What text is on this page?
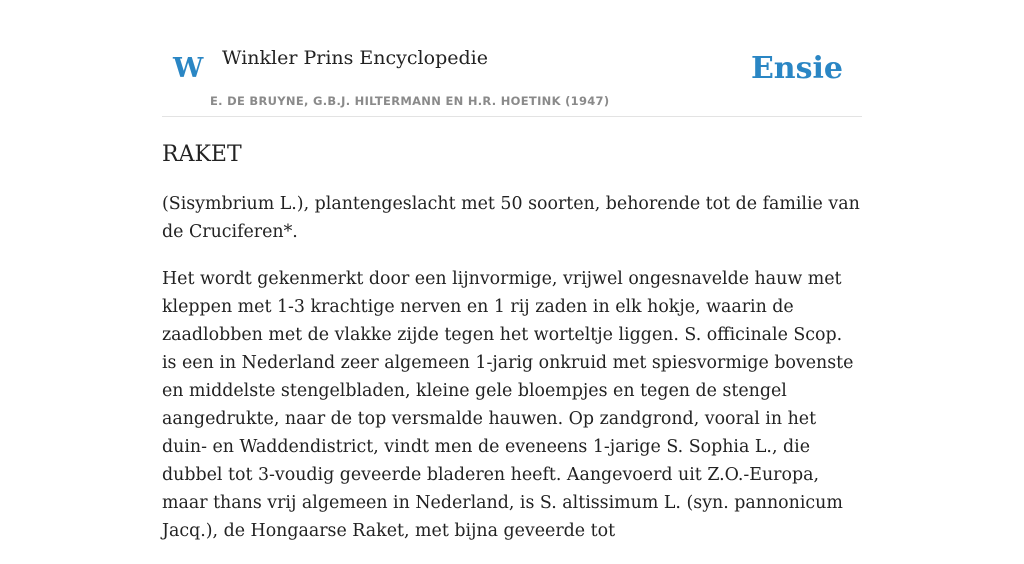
W Winkler Prins Encyclopedie
E. DE BRUYNE, G.B.J. HILTERMANN EN H.R. HOETINK (1947)
Ensie
RAKET

(Sisymbrium L.), plantengeslacht met 50 soorten, behorende tot de familie van de Cruciferen*.

Het wordt gekenmerkt door een lijnvormige, vrijwel ongesnavelde hauw met kleppen met 1-3 krachtige nerven en 1 rij zaden in elk hokje, waarin de zaadlobben met de vlakke zijde tegen het worteltje liggen. S. officinale Scop. is een in Nederland zeer algemeen 1-jarig onkruid met spiesvormige bovenste en middelste stengelbladen, kleine gele bloempjes en tegen de stengel aangedrukte, naar de top versmalde hauwen. Op zandgrond, vooral in het duin- en Waddendistrict, vindt men de eveneens 1-jarige S. Sophia L., die dubbel tot 3-voudig geveerde bladeren heeft. Aangevoerd uit Z.O.-Europa, maar thans vrij algemeen in Nederland, is S. altissimum L. (syn. pannonicum Jacq.), de Hongaarse Raket, met bijna geveerde tot
